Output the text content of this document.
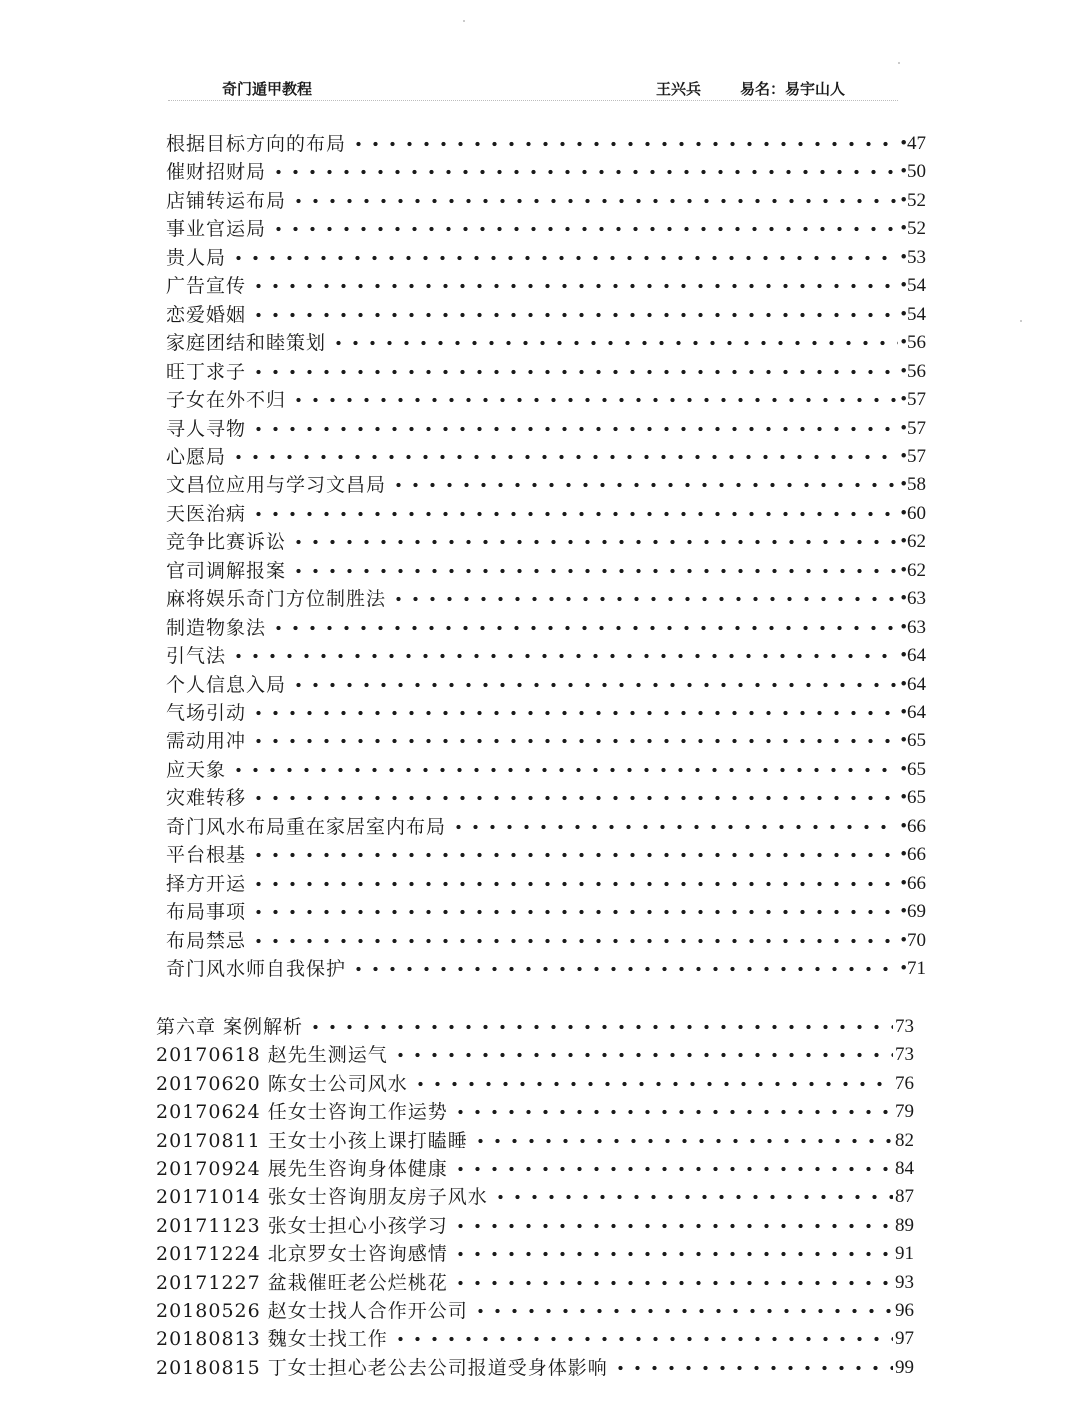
奇门遁甲教程	王兴兵	易名：易宇山人
根据目标方向的布局	•47
催财招财局	•50
店铺转运布局	•52
事业官运局	•52
贵人局	•53
广告宣传	•54
恋爱婚姻	•54
家庭团结和睦策划	•56
旺丁求子	•56
子女在外不归	•57
寻人寻物	•57
心愿局	•57
文昌位应用与学习文昌局	•58
天医治病	•60
竞争比赛诉讼	•62
官司调解报案	•62
麻将娱乐奇门方位制胜法	•63
制造物象法	•63
引气法	•64
个人信息入局	•64
气场引动	•64
需动用冲	•65
应天象	•65
灾难转移	•65
奇门风水布局重在家居室内布局	•66
平台根基	•66
择方开运	•66
布局事项	•69
布局禁忌	•70
奇门风水师自我保护	•71
第六章 案例解析	73
20170618 赵先生测运气	73
20170620 陈女士公司风水	76
20170624 任女士咨询工作运势	79
20170811 王女士小孩上课打瞌睡	82
20170924 展先生咨询身体健康	84
20171014 张女士咨询朋友房子风水	87
20171123 张女士担心小孩学习	89
20171224 北京罗女士咨询感情	91
20171227 盆栽催旺老公烂桃花	93
20180526 赵女士找人合作开公司	96
20180813 魏女士找工作	97
20180815 丁女士担心老公去公司报道受身体影响	99
